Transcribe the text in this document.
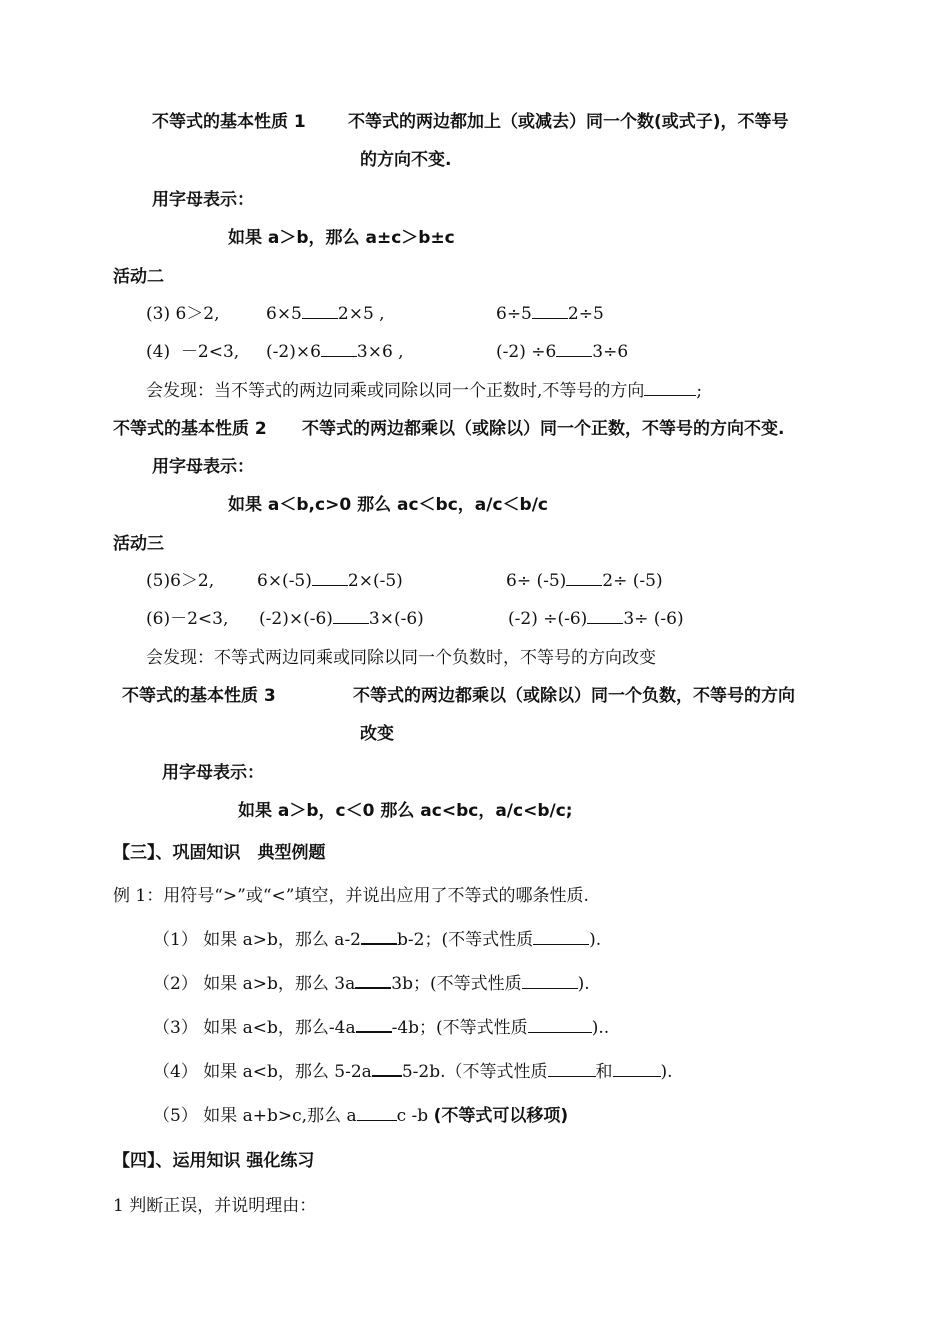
不等式的基本性质 1 不等式的两边都加上（或减去）同一个数(或式子)，不等号
的方向不变.
用字母表示：
如果 a＞b，那么 a±c＞b±c
活动二
(3) 6＞2,	6×5 2×5 ,	6÷5 2÷5
(4)  －2<3, (-2)×6 3×6 ,	(-2) ÷6 3÷6
会发现：当不等式的两边同乘或同除以同一个正数时,不等号的方向	;
不等式的基本性质 2 不等式的两边都乘以（或除以）同一个正数，不等号的方向不变.
用字母表示：
如果 a＜b,c>0 那么 ac＜bc，a/c＜b/c
活动三
(5)6＞2,	6×(-5) 2×(-5)	6÷ (-5) 2÷ (-5)
(6)－2<3, (-2)×(-6) 3×(-6)	(-2) ÷(-6) 3÷ (-6)
会发现：不等式两边同乘或同除以同一个负数时，不等号的方向改变
不等式的基本性质 3	不等式的两边都乘以（或除以）同一个负数，不等号的方向
改变
用字母表示：
如果 a＞b，c＜0 那么 ac<bc，a/c<b/c;
【三】、巩固知识　典型例题
例 1：用符号“>”或“<”填空，并说出应用了不等式的哪条性质.
（1） 如果 a>b，那么 a-2 b-2；(不等式性质	).
（2） 如果 a>b，那么 3a 3b；(不等式性质	).
（3） 如果 a<b，那么-4a -4b；(不等式性质	)..
（4） 如果 a<b，那么 5-2a 5-2b.（不等式性质	和	).
（5） 如果 a+b>c,那么 a c -b (不等式可以移项)
【四】、运用知识 强化练习
1 判断正误，并说明理由：
